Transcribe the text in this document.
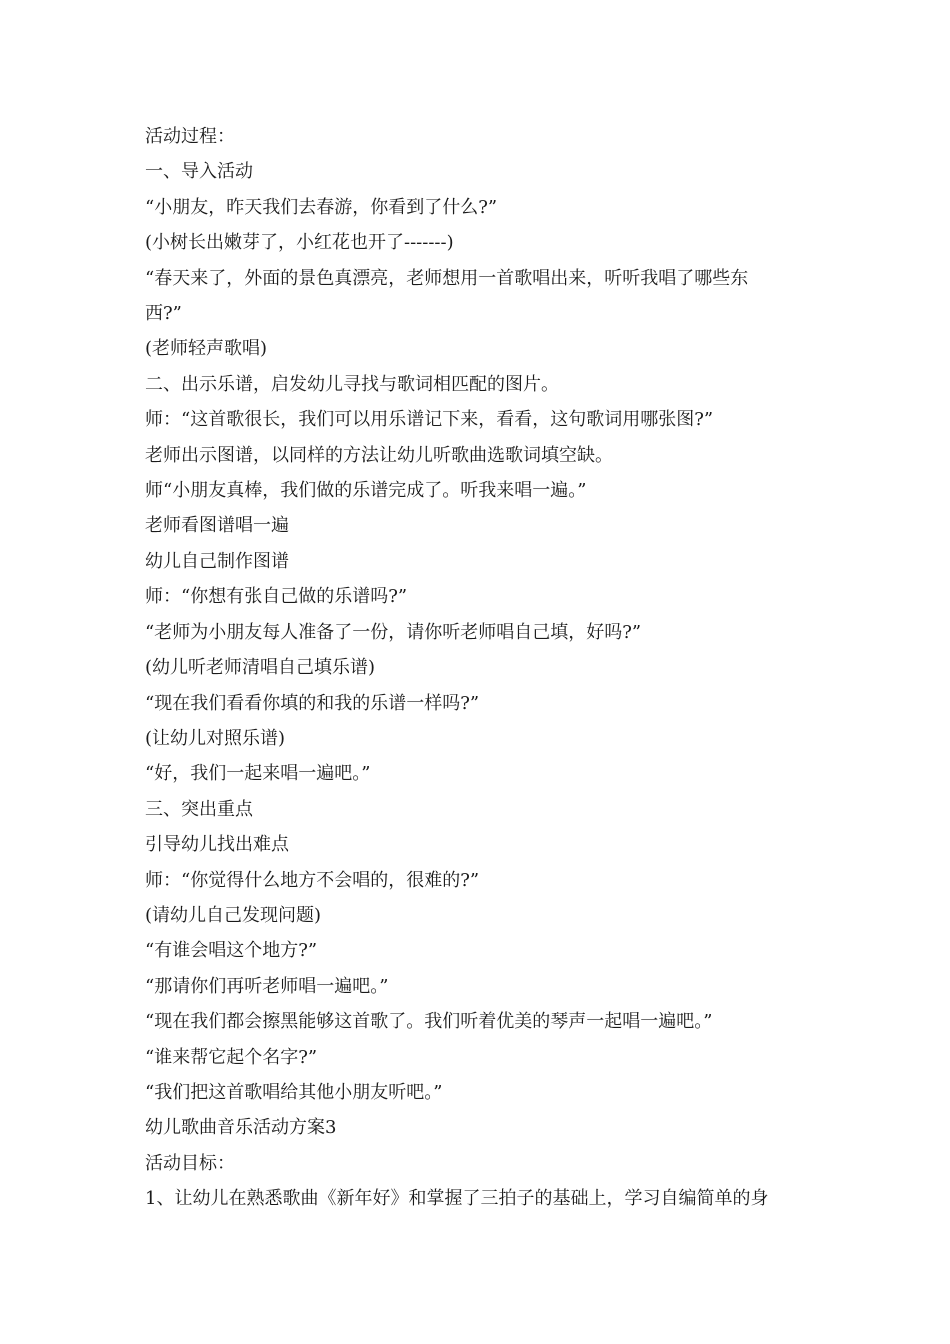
活动过程：

一、导入活动

“小朋友，昨天我们去春游，你看到了什么?”

(小树长出嫩芽了，小红花也开了-------)

“春天来了，外面的景色真漂亮，老师想用一首歌唱出来，听听我唱了哪些东

西?”

(老师轻声歌唱)

二、出示乐谱，启发幼儿寻找与歌词相匹配的图片。

师：“这首歌很长，我们可以用乐谱记下来，看看，这句歌词用哪张图?”

老师出示图谱，以同样的方法让幼儿听歌曲选歌词填空缺。

师“小朋友真棒，我们做的乐谱完成了。听我来唱一遍。”

老师看图谱唱一遍

幼儿自己制作图谱

师：“你想有张自己做的乐谱吗?”

“老师为小朋友每人准备了一份，请你听老师唱自己填，好吗?”

(幼儿听老师清唱自己填乐谱)

“现在我们看看你填的和我的乐谱一样吗?”

(让幼儿对照乐谱)

“好，我们一起来唱一遍吧。”

三、突出重点

引导幼儿找出难点

师：“你觉得什么地方不会唱的，很难的?”

(请幼儿自己发现问题)

“有谁会唱这个地方?”

“那请你们再听老师唱一遍吧。”

“现在我们都会擦黑能够这首歌了。我们听着优美的琴声一起唱一遍吧。”

“谁来帮它起个名字?”

“我们把这首歌唱给其他小朋友听吧。”

幼儿歌曲音乐活动方案3

活动目标：

1、让幼儿在熟悉歌曲《新年好》和掌握了三拍子的基础上，学习自编简单的身
